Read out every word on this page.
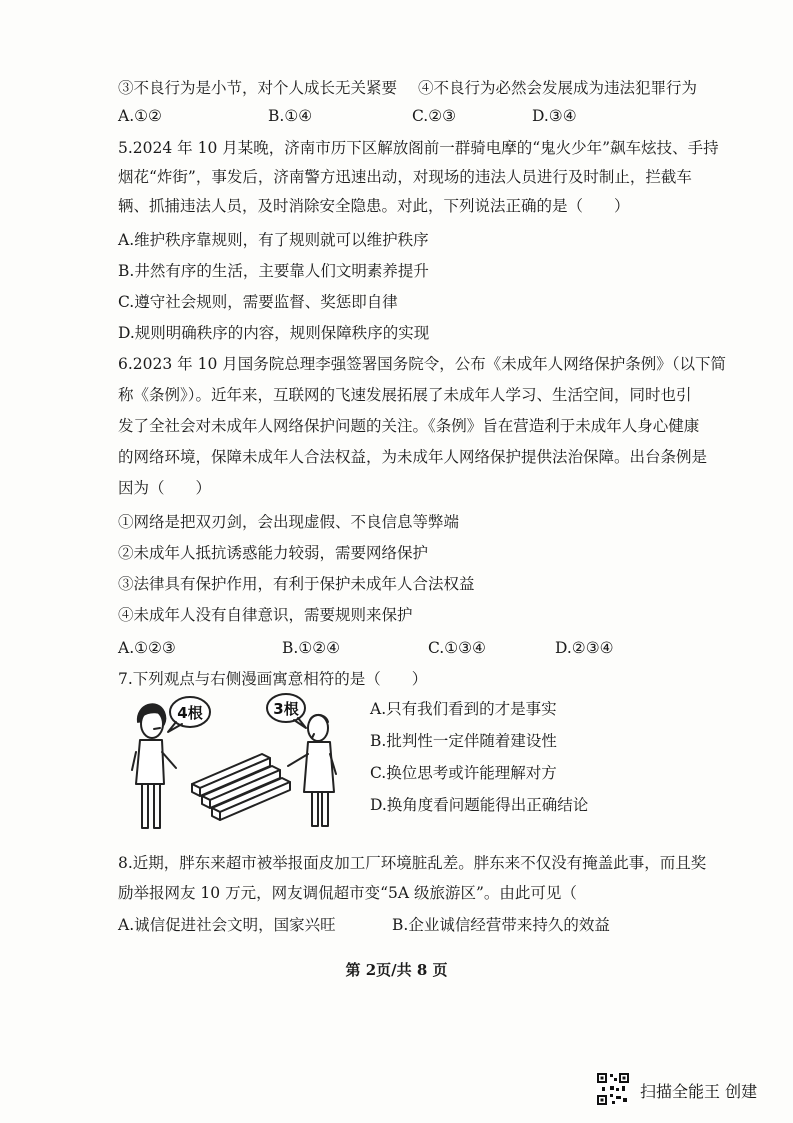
③不良行为是小节，对个人成长无关紧要 ④不良行为必然会发展成为违法犯罪行为
A.①②	B.①④	C.②③	D.③④
5.2024 年 10 月某晚，济南市历下区解放阁前一群骑电摩的“鬼火少年”飙车炫技、手持
烟花“炸街”，事发后，济南警方迅速出动，对现场的违法人员进行及时制止，拦截车
辆、抓捕违法人员，及时消除安全隐患。对此，下列说法正确的是（　　）
A.维护秩序靠规则，有了规则就可以维护秩序
B.井然有序的生活，主要靠人们文明素养提升
C.遵守社会规则，需要监督、奖惩即自律
D.规则明确秩序的内容，规则保障秩序的实现
6.2023 年 10 月国务院总理李强签署国务院令，公布《未成年人网络保护条例》（以下简
称《条例》）。近年来，互联网的飞速发展拓展了未成年人学习、生活空间，同时也引
发了全社会对未成年人网络保护问题的关注。《条例》旨在营造利于未成年人身心健康
的网络环境，保障未成年人合法权益，为未成年人网络保护提供法治保障。出台条例是
因为（　　）
①网络是把双刃剑，会出现虚假、不良信息等弊端
②未成年人抵抗诱惑能力较弱，需要网络保护
③法律具有保护作用，有利于保护未成年人合法权益
④未成年人没有自律意识，需要规则来保护
A.①②③	B.①②④	C.①③④	D.②③④
7.下列观点与右侧漫画寓意相符的是（　　）
4根	3根	A.只有我们看到的才是事实
B.批判性一定伴随着建设性
C.换位思考或许能理解对方
D.换角度看问题能得出正确结论
8.近期，胖东来超市被举报面皮加工厂环境脏乱差。胖东来不仅没有掩盖此事，而且奖
励举报网友 10 万元，网友调侃超市变“5A 级旅游区”。由此可见（
A.诚信促进社会文明，国家兴旺	B.企业诚信经营带来持久的效益
第 2页/共 8 页
扫描全能王 创建
